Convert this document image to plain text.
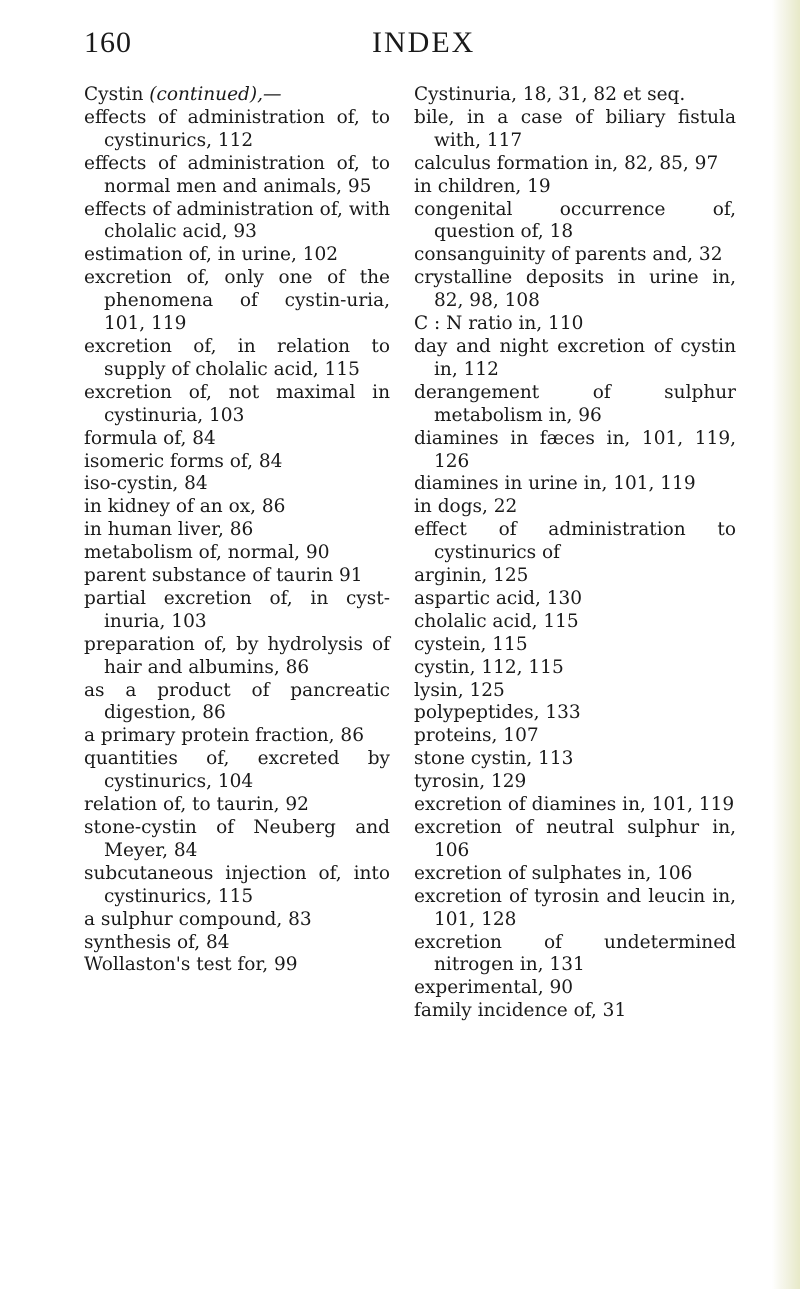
160	INDEX
Cystin (continued),—
effects of administration of, to cystinurics, 112
effects of administration of, to normal men and animals, 95
effects of administration of, with cholalic acid, 93
estimation of, in urine, 102
excretion of, only one of the phenomena of cystin-uria, 101, 119
excretion of, in relation to supply of cholalic acid, 115
excretion of, not maximal in cystinuria, 103
formula of, 84
isomeric forms of, 84
iso-cystin, 84
in kidney of an ox, 86
in human liver, 86
metabolism of, normal, 90
parent substance of taurin 91
partial excretion of, in cyst-inuria, 103
preparation of, by hydrolysis of hair and albumins, 86
as a product of pancreatic digestion, 86
a primary protein fraction, 86
quantities of, excreted by cystinurics, 104
relation of, to taurin, 92
stone-cystin of Neuberg and Meyer, 84
subcutaneous injection of, into cystinurics, 115
a sulphur compound, 83
synthesis of, 84
Wollaston's test for, 99
Cystinuria, 18, 31, 82 et seq.
bile, in a case of biliary fistula with, 117
calculus formation in, 82, 85, 97
in children, 19
congenital occurrence of, question of, 18
consanguinity of parents and, 32
crystalline deposits in urine in, 82, 98, 108
C : N ratio in, 110
day and night excretion of cystin in, 112
derangement of sulphur metabolism in, 96
diamines in fæces in, 101, 119, 126
diamines in urine in, 101, 119
in dogs, 22
effect of administration to cystinurics of
arginin, 125
aspartic acid, 130
cholalic acid, 115
cystein, 115
cystin, 112, 115
lysin, 125
polypeptides, 133
proteins, 107
stone cystin, 113
tyrosin, 129
excretion of diamines in, 101, 119
excretion of neutral sulphur in, 106
excretion of sulphates in, 106
excretion of tyrosin and leucin in, 101, 128
excretion of undetermined nitrogen in, 131
experimental, 90
family incidence of, 31
